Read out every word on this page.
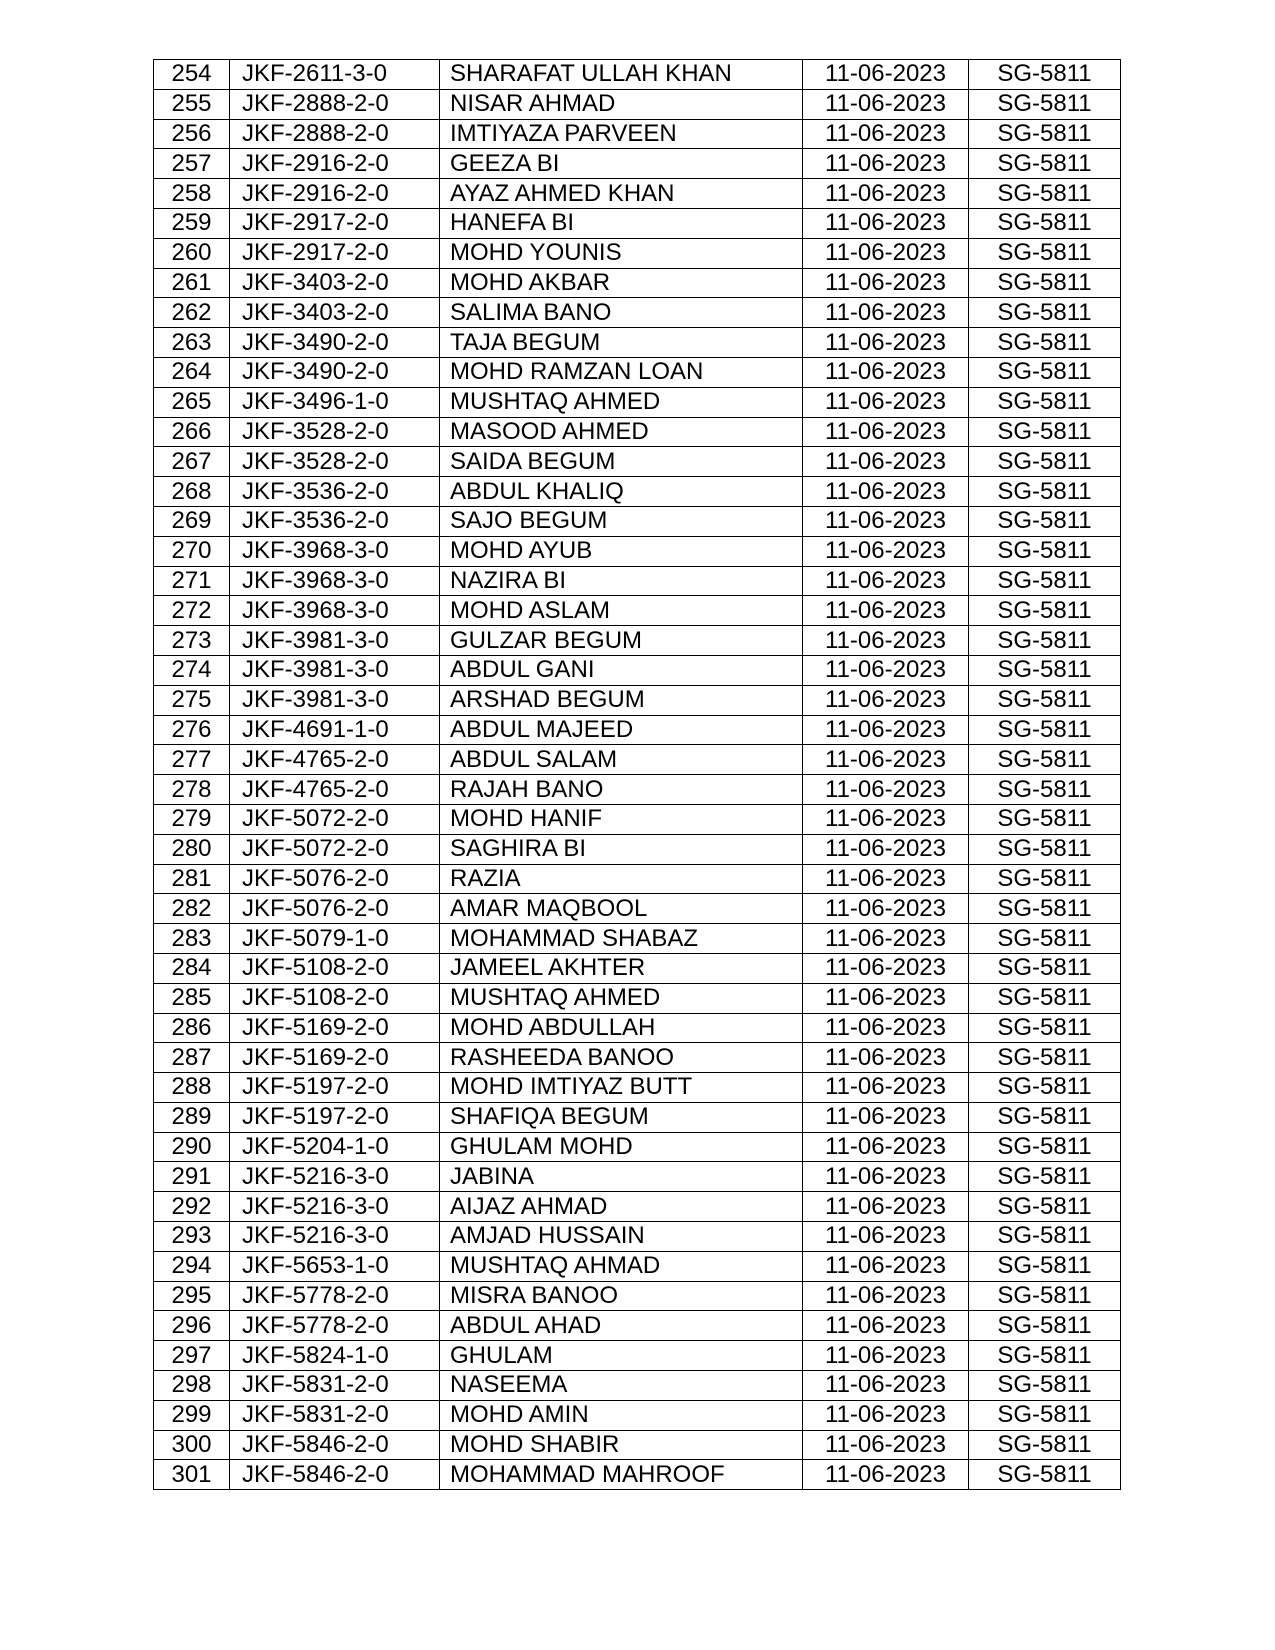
254	JKF-2611-3-0	SHARAFAT ULLAH KHAN	11-06-2023	SG-5811
255	JKF-2888-2-0	NISAR AHMAD	11-06-2023	SG-5811
256	JKF-2888-2-0	IMTIYAZA PARVEEN	11-06-2023	SG-5811
257	JKF-2916-2-0	GEEZA BI	11-06-2023	SG-5811
258	JKF-2916-2-0	AYAZ AHMED KHAN	11-06-2023	SG-5811
259	JKF-2917-2-0	HANEFA BI	11-06-2023	SG-5811
260	JKF-2917-2-0	MOHD YOUNIS	11-06-2023	SG-5811
261	JKF-3403-2-0	MOHD AKBAR	11-06-2023	SG-5811
262	JKF-3403-2-0	SALIMA BANO	11-06-2023	SG-5811
263	JKF-3490-2-0	TAJA BEGUM	11-06-2023	SG-5811
264	JKF-3490-2-0	MOHD RAMZAN LOAN	11-06-2023	SG-5811
265	JKF-3496-1-0	MUSHTAQ AHMED	11-06-2023	SG-5811
266	JKF-3528-2-0	MASOOD AHMED	11-06-2023	SG-5811
267	JKF-3528-2-0	SAIDA BEGUM	11-06-2023	SG-5811
268	JKF-3536-2-0	ABDUL KHALIQ	11-06-2023	SG-5811
269	JKF-3536-2-0	SAJO BEGUM	11-06-2023	SG-5811
270	JKF-3968-3-0	MOHD AYUB	11-06-2023	SG-5811
271	JKF-3968-3-0	NAZIRA BI	11-06-2023	SG-5811
272	JKF-3968-3-0	MOHD ASLAM	11-06-2023	SG-5811
273	JKF-3981-3-0	GULZAR BEGUM	11-06-2023	SG-5811
274	JKF-3981-3-0	ABDUL GANI	11-06-2023	SG-5811
275	JKF-3981-3-0	ARSHAD BEGUM	11-06-2023	SG-5811
276	JKF-4691-1-0	ABDUL MAJEED	11-06-2023	SG-5811
277	JKF-4765-2-0	ABDUL SALAM	11-06-2023	SG-5811
278	JKF-4765-2-0	RAJAH BANO	11-06-2023	SG-5811
279	JKF-5072-2-0	MOHD HANIF	11-06-2023	SG-5811
280	JKF-5072-2-0	SAGHIRA BI	11-06-2023	SG-5811
281	JKF-5076-2-0	RAZIA	11-06-2023	SG-5811
282	JKF-5076-2-0	AMAR MAQBOOL	11-06-2023	SG-5811
283	JKF-5079-1-0	MOHAMMAD SHABAZ	11-06-2023	SG-5811
284	JKF-5108-2-0	JAMEEL AKHTER	11-06-2023	SG-5811
285	JKF-5108-2-0	MUSHTAQ AHMED	11-06-2023	SG-5811
286	JKF-5169-2-0	MOHD ABDULLAH	11-06-2023	SG-5811
287	JKF-5169-2-0	RASHEEDA BANOO	11-06-2023	SG-5811
288	JKF-5197-2-0	MOHD IMTIYAZ BUTT	11-06-2023	SG-5811
289	JKF-5197-2-0	SHAFIQA BEGUM	11-06-2023	SG-5811
290	JKF-5204-1-0	GHULAM MOHD	11-06-2023	SG-5811
291	JKF-5216-3-0	JABINA	11-06-2023	SG-5811
292	JKF-5216-3-0	AIJAZ AHMAD	11-06-2023	SG-5811
293	JKF-5216-3-0	AMJAD HUSSAIN	11-06-2023	SG-5811
294	JKF-5653-1-0	MUSHTAQ AHMAD	11-06-2023	SG-5811
295	JKF-5778-2-0	MISRA BANOO	11-06-2023	SG-5811
296	JKF-5778-2-0	ABDUL AHAD	11-06-2023	SG-5811
297	JKF-5824-1-0	GHULAM	11-06-2023	SG-5811
298	JKF-5831-2-0	NASEEMA	11-06-2023	SG-5811
299	JKF-5831-2-0	MOHD AMIN	11-06-2023	SG-5811
300	JKF-5846-2-0	MOHD SHABIR	11-06-2023	SG-5811
301	JKF-5846-2-0	MOHAMMAD MAHROOF	11-06-2023	SG-5811
